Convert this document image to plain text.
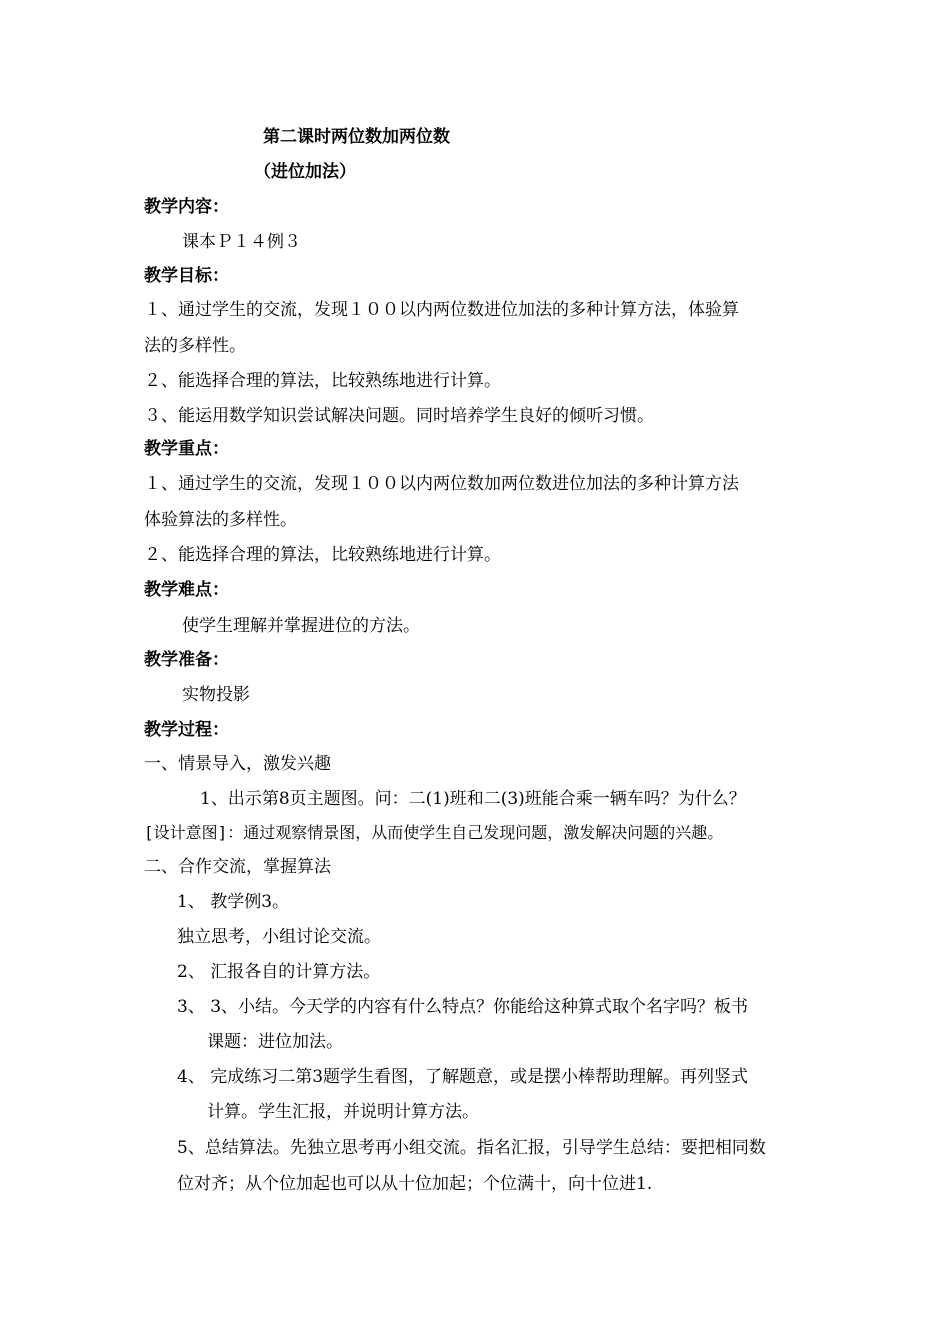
第二课时两位数加两位数
（进位加法）
教学内容：
课本Ｐ１４例３
教学目标：
１、通过学生的交流，发现１００以内两位数进位加法的多种计算方法，体验算
法的多样性。
２、能选择合理的算法，比较熟练地进行计算。
３、能运用数学知识尝试解决问题。同时培养学生良好的倾听习惯。
教学重点：
１、通过学生的交流，发现１００以内两位数加两位数进位加法的多种计算方法
体验算法的多样性。
２、能选择合理的算法，比较熟练地进行计算。
教学难点：
使学生理解并掌握进位的方法。
教学准备：
实物投影
教学过程：
一、情景导入，激发兴趣
1、出示第8页主题图。问：二(1)班和二(3)班能合乘一辆车吗？为什么？
[设计意图]：通过观察情景图，从而使学生自己发现问题，激发解决问题的兴趣。
二、合作交流，掌握算法
1、 教学例3。
独立思考，小组讨论交流。
2、 汇报各自的计算方法。
3、 3、小结。今天学的内容有什么特点？你能给这种算式取个名字吗？板书
课题：进位加法。
4、 完成练习二第3题学生看图，了解题意，或是摆小棒帮助理解。再列竖式
计算。学生汇报，并说明计算方法。
5、总结算法。先独立思考再小组交流。指名汇报，引导学生总结：要把相同数
位对齐；从个位加起也可以从十位加起；个位满十，向十位进1.
